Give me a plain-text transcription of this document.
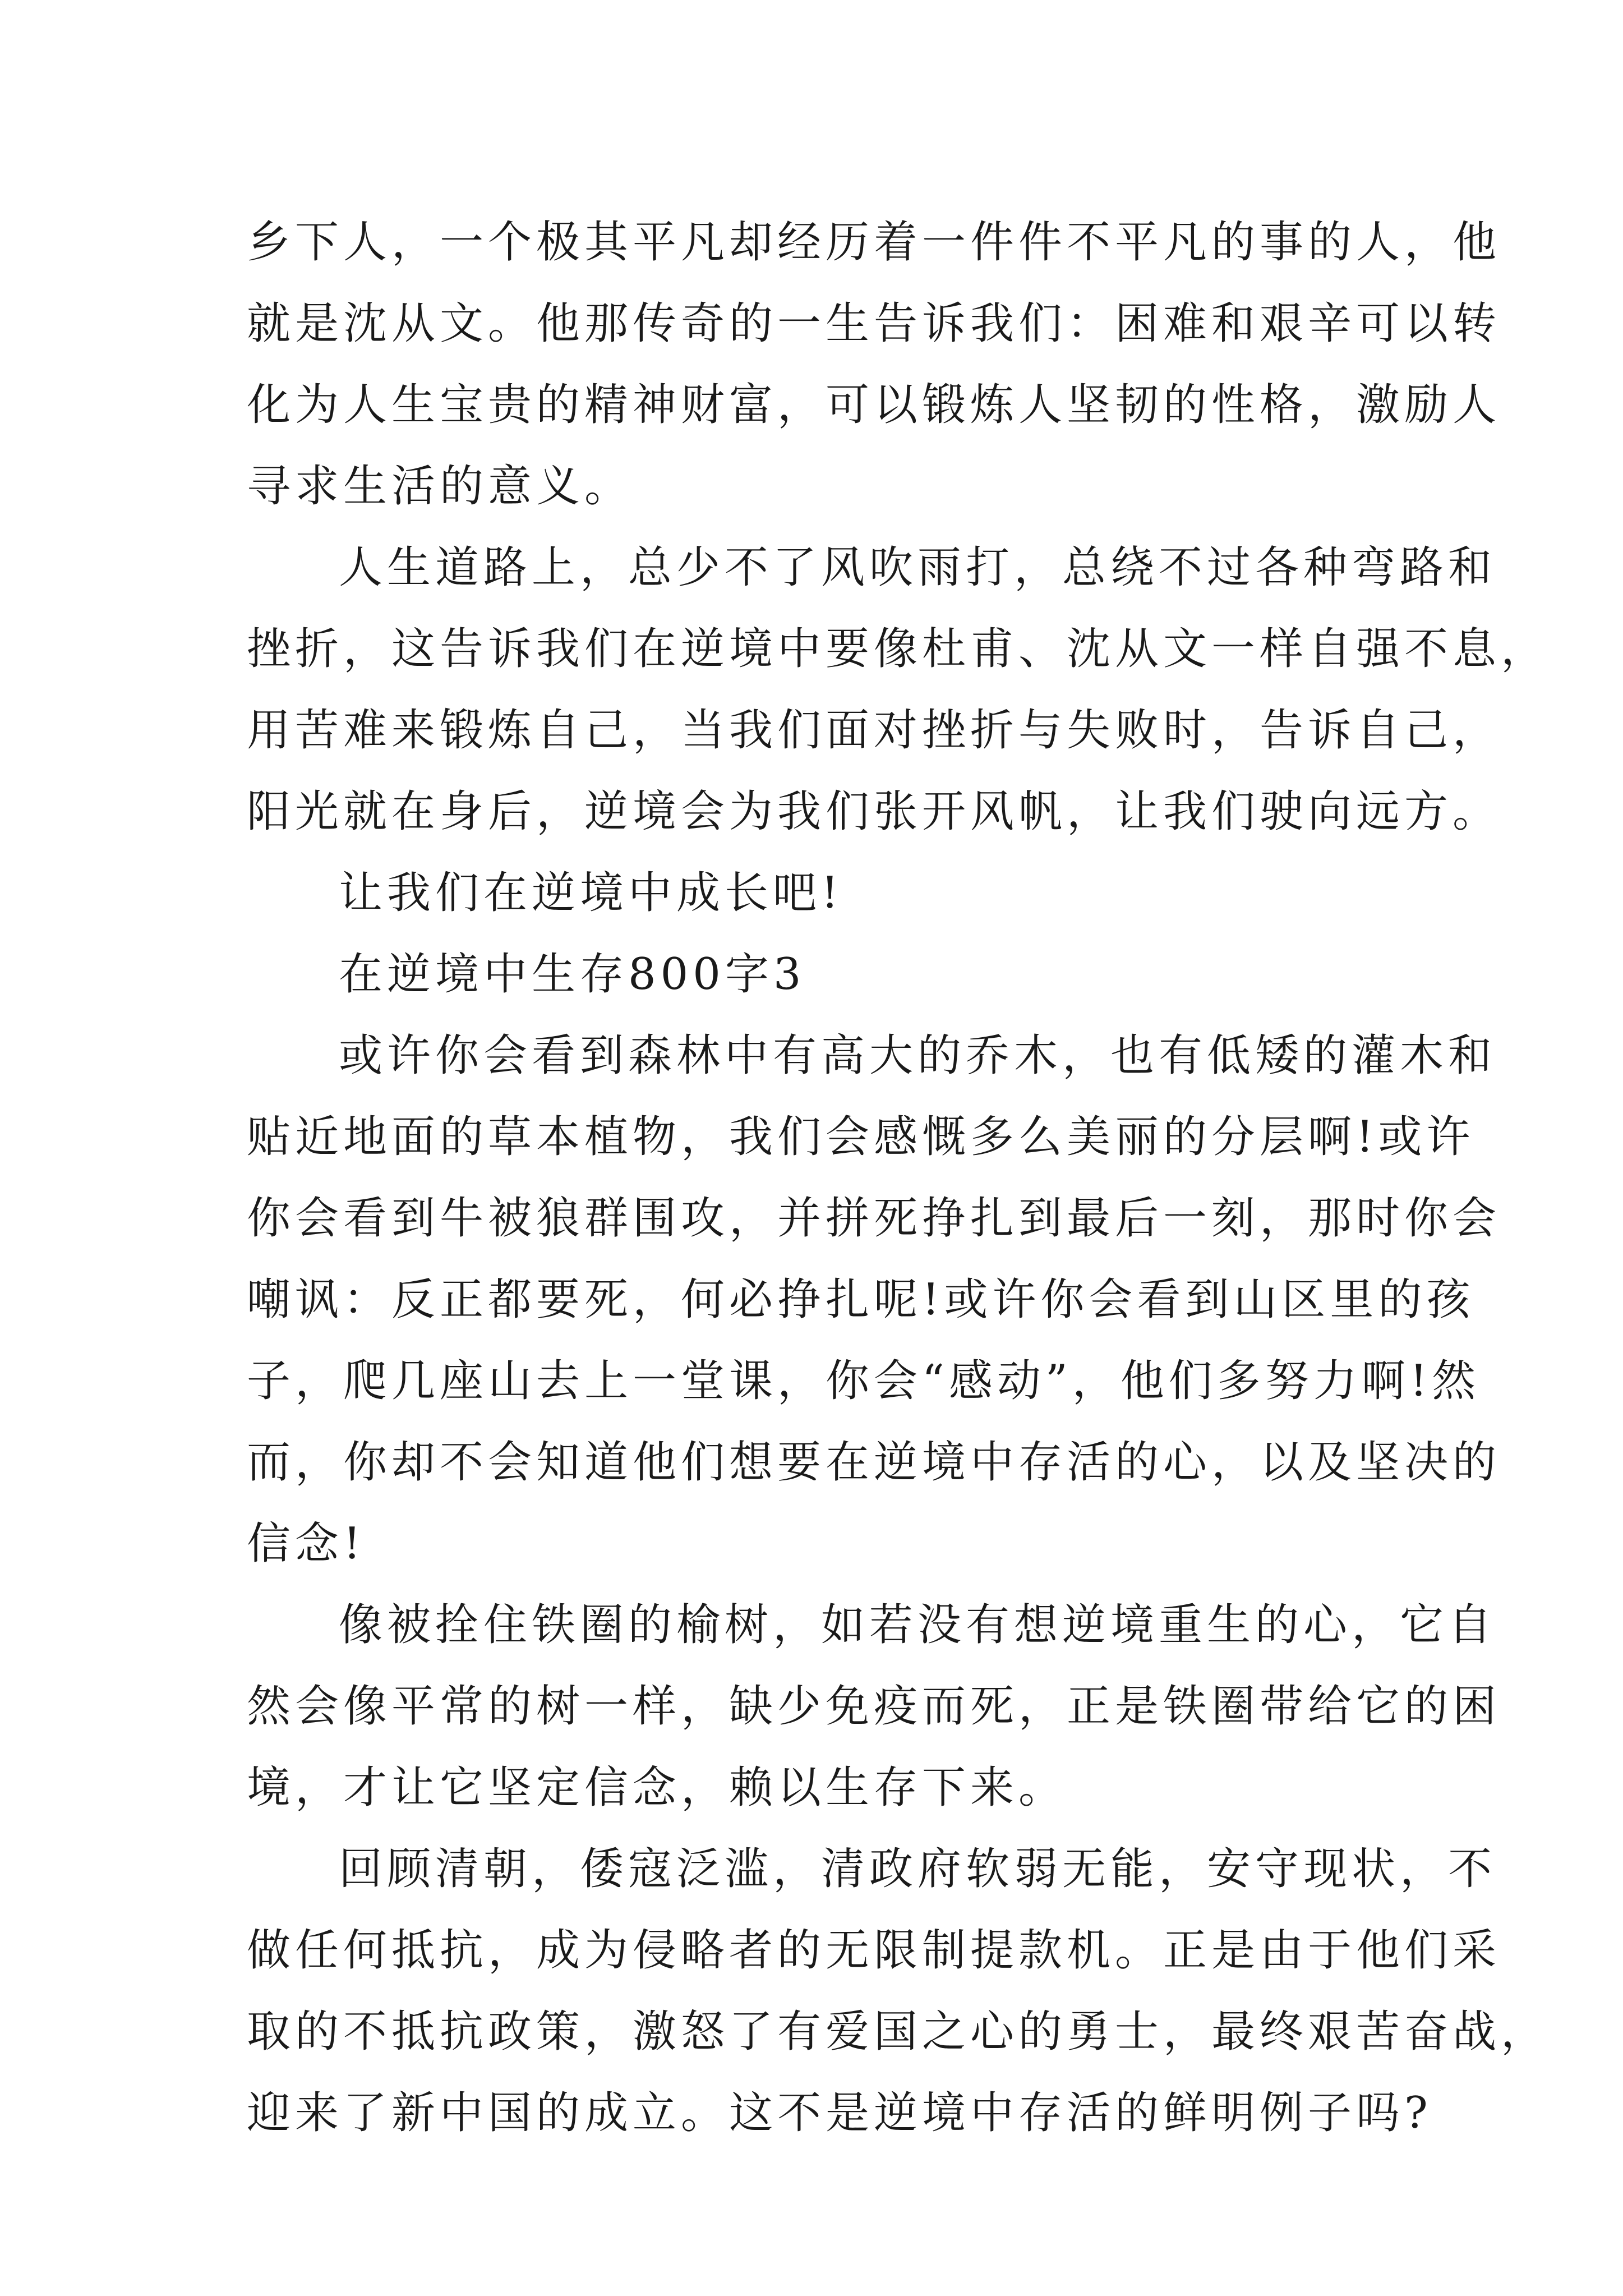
乡下人，一个极其平凡却经历着一件件不平凡的事的人，他
就是沈从文。他那传奇的一生告诉我们：困难和艰辛可以转
化为人生宝贵的精神财富，可以锻炼人坚韧的性格，激励人
寻求生活的意义。
人生道路上，总少不了风吹雨打，总绕不过各种弯路和
挫折，这告诉我们在逆境中要像杜甫、沈从文一样自强不息，
用苦难来锻炼自己，当我们面对挫折与失败时，告诉自己，
阳光就在身后，逆境会为我们张开风帆，让我们驶向远方。
让我们在逆境中成长吧!
在逆境中生存800字3
或许你会看到森林中有高大的乔木，也有低矮的灌木和
贴近地面的草本植物，我们会感慨多么美丽的分层啊!或许
你会看到牛被狼群围攻，并拼死挣扎到最后一刻，那时你会
嘲讽：反正都要死，何必挣扎呢!或许你会看到山区里的孩
子，爬几座山去上一堂课，你会“感动”，他们多努力啊!然
而，你却不会知道他们想要在逆境中存活的心，以及坚决的
信念!
像被拴住铁圈的榆树，如若没有想逆境重生的心，它自
然会像平常的树一样，缺少免疫而死，正是铁圈带给它的困
境，才让它坚定信念，赖以生存下来。
回顾清朝，倭寇泛滥，清政府软弱无能，安守现状，不
做任何抵抗，成为侵略者的无限制提款机。正是由于他们采
取的不抵抗政策，激怒了有爱国之心的勇士，最终艰苦奋战，
迎来了新中国的成立。这不是逆境中存活的鲜明例子吗?
